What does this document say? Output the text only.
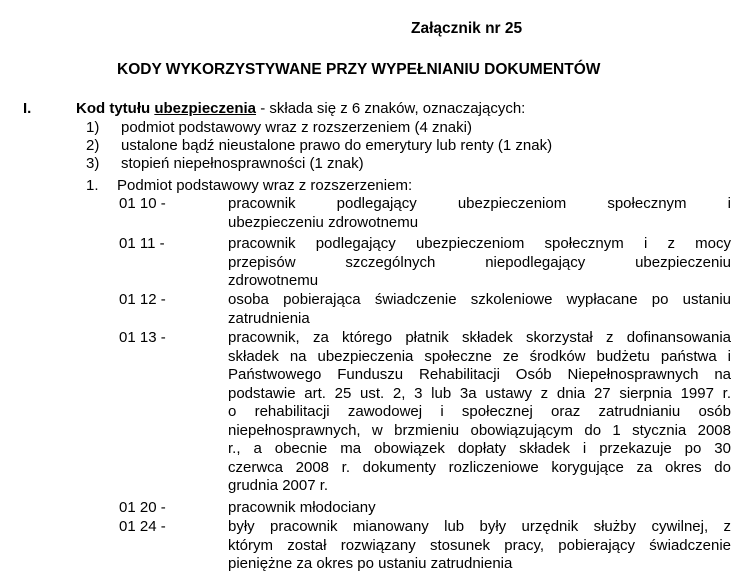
Załącznik nr 25
KODY WYKORZYSTYWANE PRZY WYPEŁNIANIU DOKUMENTÓW
I.	Kod tytułu ubezpieczenia - składa się z 6 znaków, oznaczających:
1) podmiot podstawowy wraz z rozszerzeniem (4 znaki)
2) ustalone bądź nieustalone prawo do emerytury lub renty (1 znak)
3) stopień niepełnosprawności (1 znak)
1. Podmiot podstawowy wraz z rozszerzeniem:
01 10 -	pracownik podlegający ubezpieczeniom społecznym i
ubezpieczeniu zdrowotnemu
01 11 -	pracownik podlegający ubezpieczeniom społecznym i z mocy
przepisów szczególnych niepodlegający ubezpieczeniu
zdrowotnemu
01 12 -	osoba pobierająca świadczenie szkoleniowe wypłacane po ustaniu
zatrudnienia
01 13 -	pracownik, za którego płatnik składek skorzystał z dofinansowania
składek na ubezpieczenia społeczne ze środków budżetu państwa i
Państwowego Funduszu Rehabilitacji Osób Niepełnosprawnych na
podstawie art. 25 ust. 2, 3 lub 3a ustawy z dnia 27 sierpnia 1997 r.
o rehabilitacji zawodowej i społecznej oraz zatrudnianiu osób
niepełnosprawnych, w brzmieniu obowiązującym do 1 stycznia 2008
r., a obecnie ma obowiązek dopłaty składek i przekazuje po 30
czerwca 2008 r. dokumenty rozliczeniowe korygujące za okres do
grudnia 2007 r.
01 20 -	pracownik młodociany
01 24 -	były pracownik mianowany lub były urzędnik służby cywilnej, z
którym został rozwiązany stosunek pracy, pobierający świadczenie
pieniężne za okres po ustaniu zatrudnienia
